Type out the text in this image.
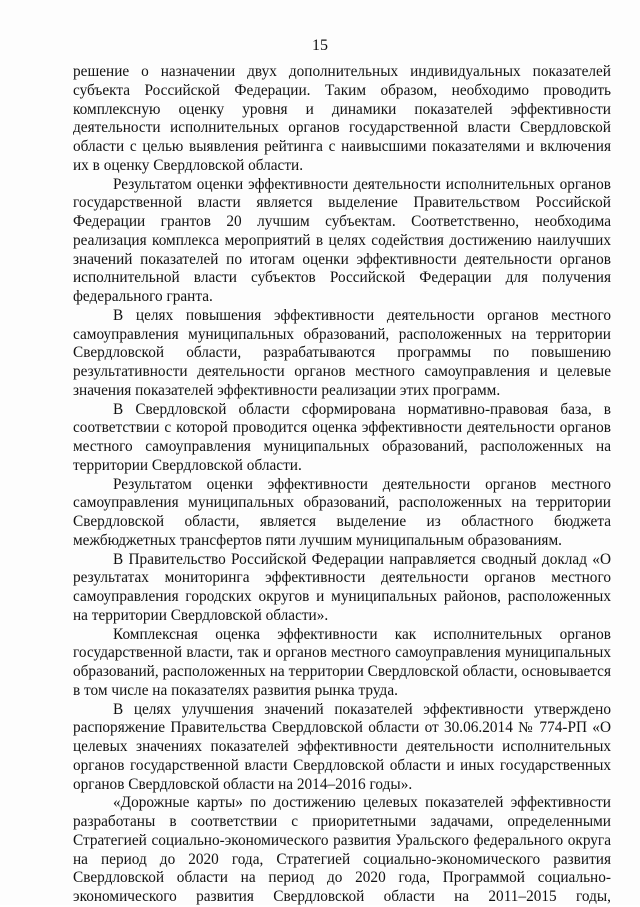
15

решение о назначении двух дополнительных индивидуальных показателей субъекта Российской Федерации. Таким образом, необходимо проводить комплексную оценку уровня и динамики показателей эффективности деятельности исполнительных органов государственной власти Свердловской области с целью выявления рейтинга с наивысшими показателями и включения их в оценку Свердловской области.

Результатом оценки эффективности деятельности исполнительных органов государственной власти является выделение Правительством Российской Федерации грантов 20 лучшим субъектам. Соответственно, необходима реализация комплекса мероприятий в целях содействия достижению наилучших значений показателей по итогам оценки эффективности деятельности органов исполнительной власти субъектов Российской Федерации для получения федерального гранта.

В целях повышения эффективности деятельности органов местного самоуправления муниципальных образований, расположенных на территории Свердловской области, разрабатываются программы по повышению результативности деятельности органов местного самоуправления и целевые значения показателей эффективности реализации этих программ.

В Свердловской области сформирована нормативно-правовая база, в соответствии с которой проводится оценка эффективности деятельности органов местного самоуправления муниципальных образований, расположенных на территории Свердловской области.

Результатом оценки эффективности деятельности органов местного самоуправления муниципальных образований, расположенных на территории Свердловской области, является выделение из областного бюджета межбюджетных трансфертов пяти лучшим муниципальным образованиям.

В Правительство Российской Федерации направляется сводный доклад «О результатах мониторинга эффективности деятельности органов местного самоуправления городских округов и муниципальных районов, расположенных на территории Свердловской области».

Комплексная оценка эффективности как исполнительных органов государственной власти, так и органов местного самоуправления муниципальных образований, расположенных на территории Свердловской области, основывается в том числе на показателях развития рынка труда.

В целях улучшения значений показателей эффективности утверждено распоряжение Правительства Свердловской области от 30.06.2014 № 774-РП «О целевых значениях показателей эффективности деятельности исполнительных органов государственной власти Свердловской области и иных государственных органов Свердловской области на 2014–2016 годы».

«Дорожные карты» по достижению целевых показателей эффективности разработаны в соответствии с приоритетными задачами, определенными Стратегией социально-экономического развития Уральского федерального округа на период до 2020 года, Стратегией социально-экономического развития Свердловской области на период до 2020 года, Программой социально-экономического развития Свердловской области на 2011–2015 годы,
